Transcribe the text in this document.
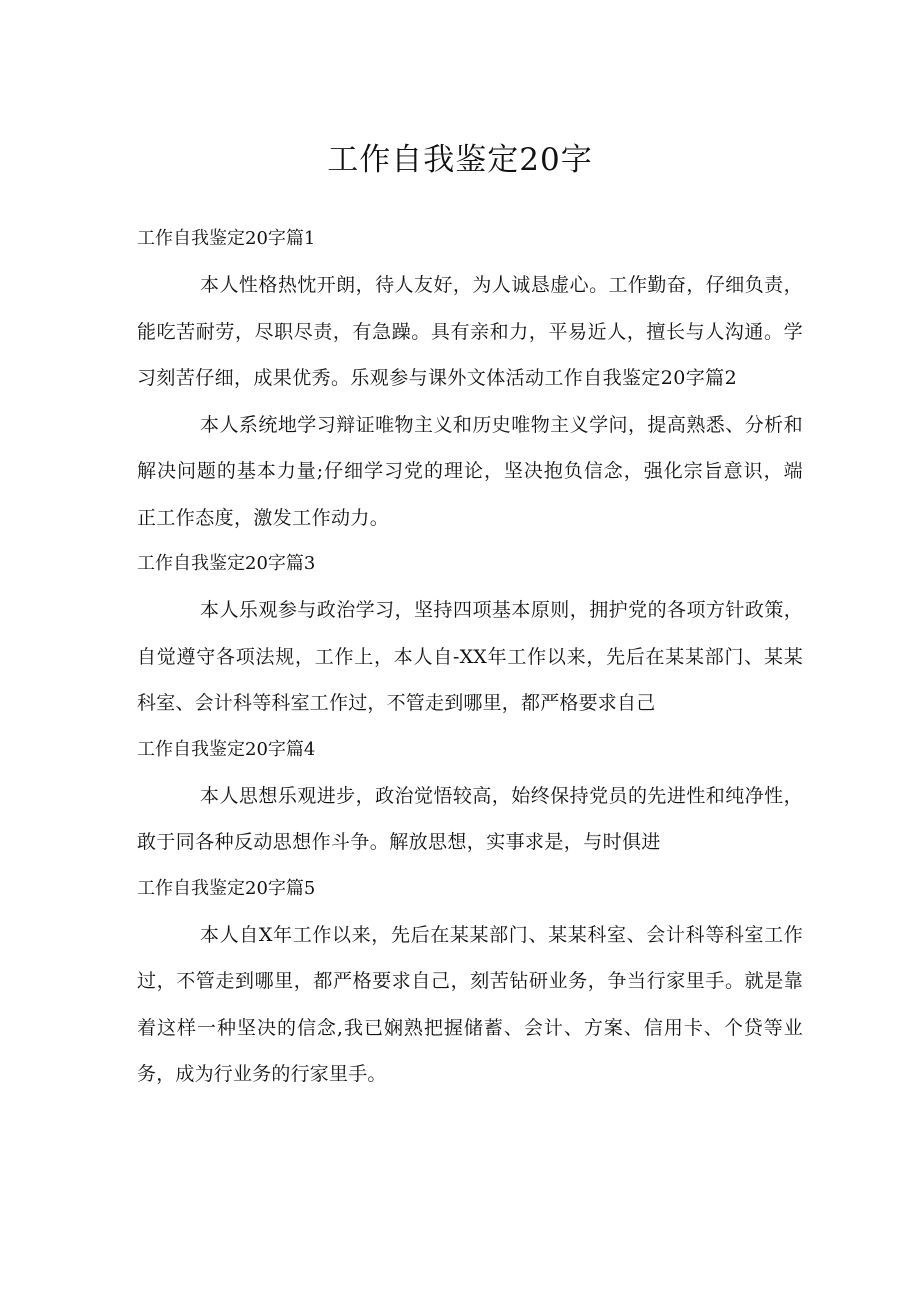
工作自我鉴定20字
工作自我鉴定20字篇1
本人性格热忱开朗，待人友好，为人诚恳虚心。工作勤奋，仔细负责，能吃苦耐劳，尽职尽责，有急躁。具有亲和力，平易近人，擅长与人沟通。学习刻苦仔细，成果优秀。乐观参与课外文体活动工作自我鉴定20字篇2
本人系统地学习辩证唯物主义和历史唯物主义学问，提高熟悉、分析和解决问题的基本力量;仔细学习党的理论，坚决抱负信念，强化宗旨意识，端正工作态度，激发工作动力。
工作自我鉴定20字篇3
本人乐观参与政治学习，坚持四项基本原则，拥护党的各项方针政策，自觉遵守各项法规，工作上，本人自-XX年工作以来，先后在某某部门、某某科室、会计科等科室工作过，不管走到哪里，都严格要求自己
工作自我鉴定20字篇4
本人思想乐观进步，政治觉悟较高，始终保持党员的先进性和纯净性，敢于同各种反动思想作斗争。解放思想，实事求是，与时俱进
工作自我鉴定20字篇5
本人自X年工作以来，先后在某某部门、某某科室、会计科等科室工作过，不管走到哪里，都严格要求自己，刻苦钻研业务，争当行家里手。就是靠着这样一种坚决的信念,我已娴熟把握储蓄、会计、方案、信用卡、个贷等业务，成为行业务的行家里手。
